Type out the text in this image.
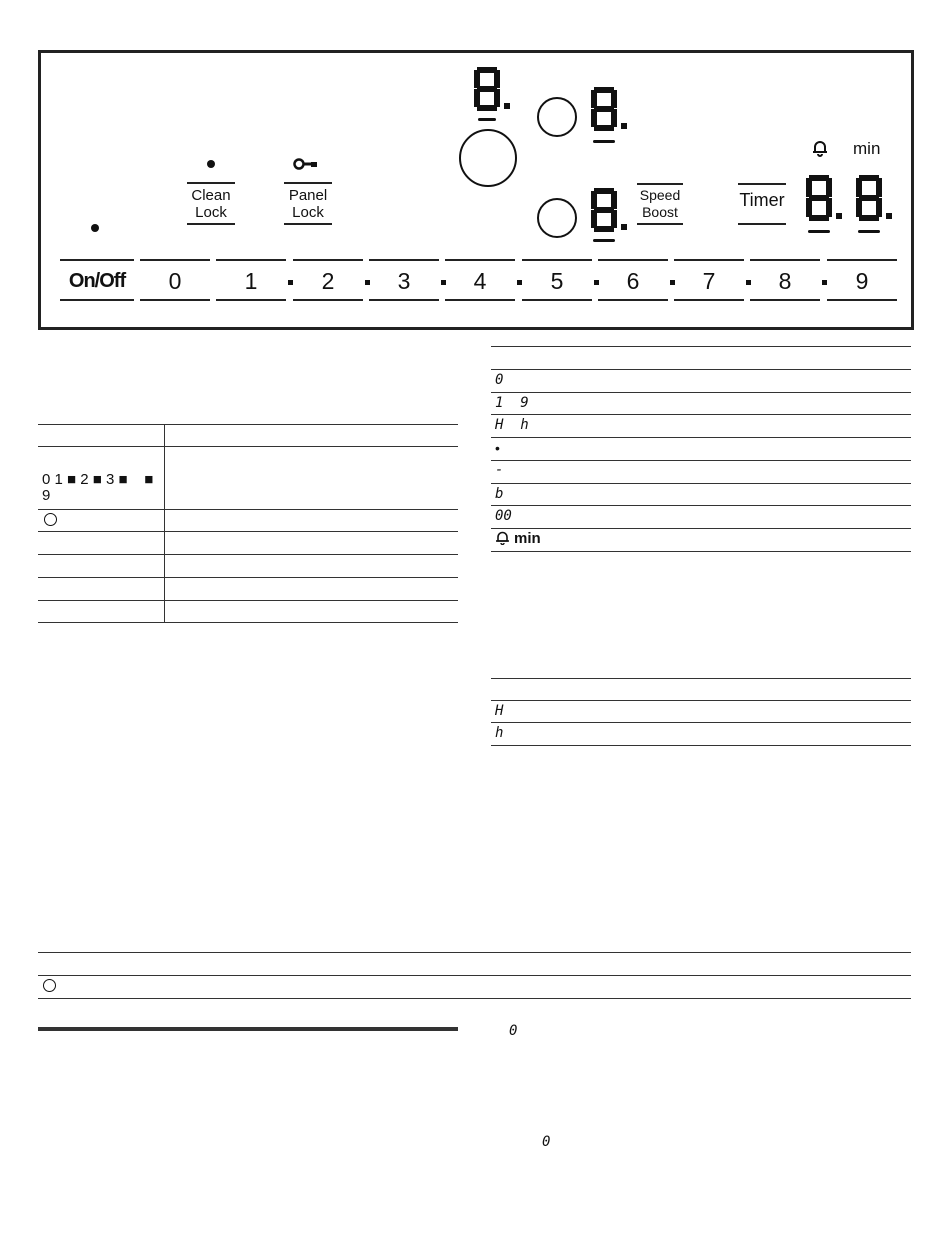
Clean
Lock
Panel
Lock
Speed
Boost
Timer
min
On/Off	0	1	2	3	4	5	6	7	8	9
0 1 ■ 2 ■ 3 ■    ■
9
0
1  9
H  h
•
-
b
00
min
H
h
0
0
